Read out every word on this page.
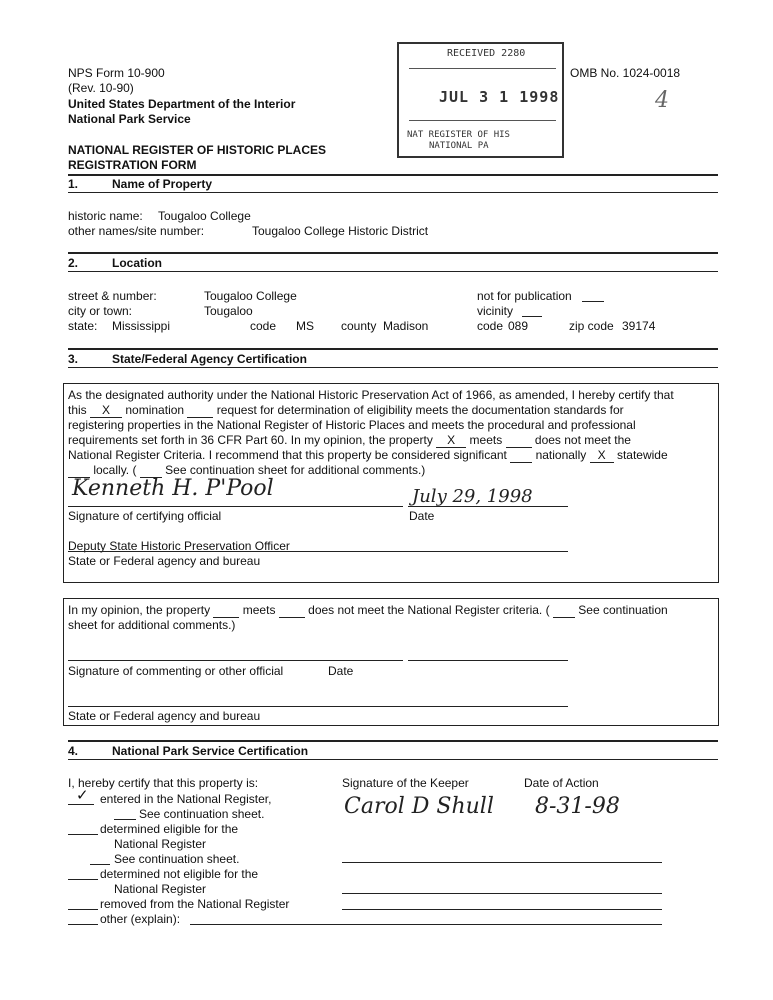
NPS Form 10-900
(Rev. 10-90)
United States Department of the Interior
National Park Service
OMB No. 1024-0018
NATIONAL REGISTER OF HISTORIC PLACES
REGISTRATION FORM
RECEIVED 2280
JUL 3 1 1998
NAT REGISTER OF HIS
NATIONAL PA
4
1.	Name of Property
historic name: Tougaloo College
other names/site number:	Tougaloo College Historic District
2.	Location
street & number:	Tougaloo College	not for publication
city or town:	Tougaloo	vicinity
state: Mississippi	code MS county Madison	code 089	zip code 39174
3.	State/Federal Agency Certification
As the designated authority under the National Historic Preservation Act of 1966, as amended, I hereby certify that
this X nomination	request for determination of eligibility meets the documentation standards for
registering properties in the National Register of Historic Places and meets the procedural and professional
requirements set forth in 36 CFR Part 60. In my opinion, the property X meets	does not meet the
National Register Criteria. I recommend that this property be considered significant nationally X statewide
locally. ( See continuation sheet for additional comments.)
Kenneth H. P'Pool	July 29, 1998
Signature of certifying official	Date
Deputy State Historic Preservation Officer
State or Federal agency and bureau
In my opinion, the property	meets	does not meet the National Register criteria. ( See continuation
sheet for additional comments.)
Signature of commenting or other official	Date
State or Federal agency and bureau
4.	National Park Service Certification
I, hereby certify that this property is:
✓ entered in the National Register,
See continuation sheet.
determined eligible for the
National Register
See continuation sheet.
determined not eligible for the
National Register
removed from the National Register
other (explain):
Signature of the Keeper	Date of Action
Carol D Shull 8-31-98
